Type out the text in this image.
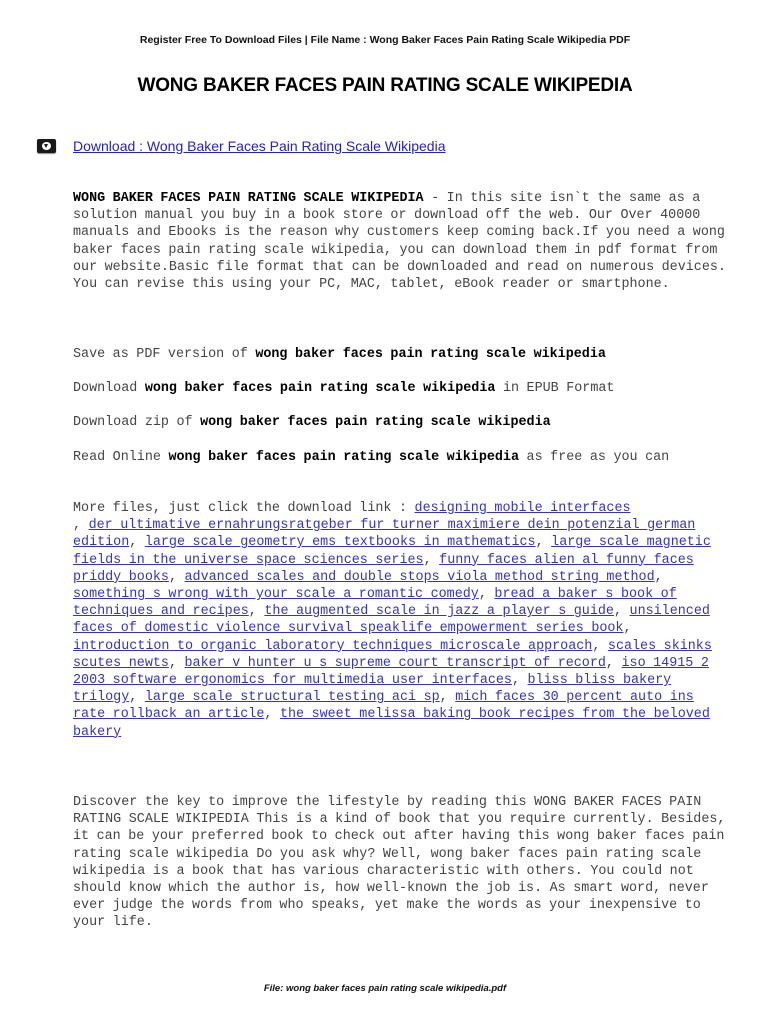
Register Free To Download Files | File Name : Wong Baker Faces Pain Rating Scale Wikipedia PDF
WONG BAKER FACES PAIN RATING SCALE WIKIPEDIA
Download : Wong Baker Faces Pain Rating Scale Wikipedia
WONG BAKER FACES PAIN RATING SCALE WIKIPEDIA - In this site isn`t the same as a solution manual you buy in a book store or download off the web. Our Over 40000 manuals and Ebooks is the reason why customers keep coming back.If you need a wong baker faces pain rating scale wikipedia, you can download them in pdf format from our website.Basic file format that can be downloaded and read on numerous devices. You can revise this using your PC, MAC, tablet, eBook reader or smartphone.
Save as PDF version of wong baker faces pain rating scale wikipedia
Download wong baker faces pain rating scale wikipedia in EPUB Format
Download zip of wong baker faces pain rating scale wikipedia
Read Online wong baker faces pain rating scale wikipedia as free as you can
More files, just click the download link : designing mobile interfaces
, der ultimative ernahrungsratgeber fur turner maximiere dein potenzial german edition, large scale geometry ems textbooks in mathematics, large scale magnetic fields in the universe space sciences series, funny faces alien al funny faces priddy books, advanced scales and double stops viola method string method, something s wrong with your scale a romantic comedy, bread a baker s book of techniques and recipes, the augmented scale in jazz a player s guide, unsilenced faces of domestic violence survival speaklife empowerment series book, introduction to organic laboratory techniques microscale approach, scales skinks scutes newts, baker v hunter u s supreme court transcript of record, iso 14915 2 2003 software ergonomics for multimedia user interfaces, bliss bliss bakery trilogy, large scale structural testing aci sp, mich faces 30 percent auto ins rate rollback an article, the sweet melissa baking book recipes from the beloved bakery
Discover the key to improve the lifestyle by reading this WONG BAKER FACES PAIN RATING SCALE WIKIPEDIA This is a kind of book that you require currently. Besides, it can be your preferred book to check out after having this wong baker faces pain rating scale wikipedia Do you ask why? Well, wong baker faces pain rating scale wikipedia is a book that has various characteristic with others. You could not should know which the author is, how well-known the job is. As smart word, never ever judge the words from who speaks, yet make the words as your inexpensive to your life.
File: wong baker faces pain rating scale wikipedia.pdf
